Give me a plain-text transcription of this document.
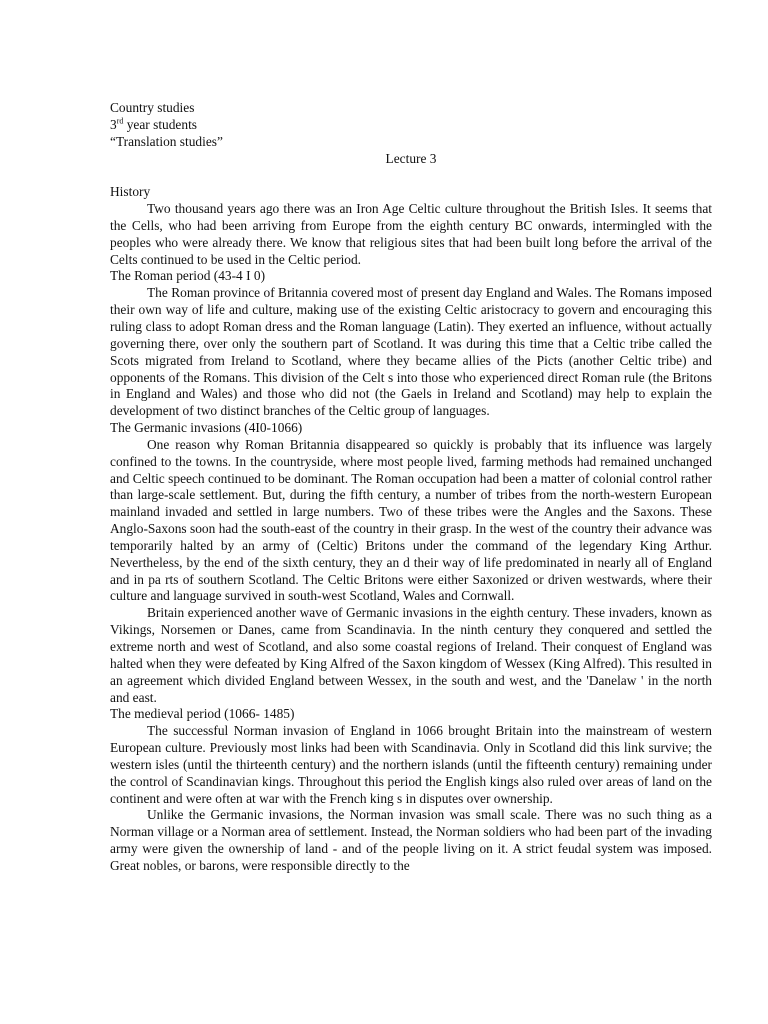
Country studies

3rd year students

“Translation studies”

Lecture 3

History

Two thousand years ago there was an Iron Age Celtic culture throughout the British Isles. It seems that the Cells, who had been arriving from Europe from the eighth century BC onwards, intermingled with the peoples who were already there. We know that religious sites that had been built long before the arrival of the Celts continued to be used in the Celtic period.

The Roman period (43-4 I 0)

The Roman province of Britannia covered most of present day England and Wales. The Romans imposed their own way of life and culture, making use of the existing Celtic aristocracy to govern and encouraging this ruling class to adopt Roman dress and the Roman language (Latin). They exerted an influence, without actually governing there, over only the southern part of Scotland. It was during this time that a Celtic tribe called the Scots migrated from Ireland to Scotland, where they became allies of the Picts (another Celtic tribe) and opponents of the Romans. This division of the Celt s into those who experienced direct Roman rule (the Britons in England and Wales) and those who did not (the Gaels in Ireland and Scotland) may help to explain the development of two distinct branches of the Celtic group of languages.

The Germanic invasions (4I0-1066)

One reason why Roman Britannia disappeared so quickly is probably that its influence was largely confined to the towns. In the countryside, where most people lived, farming methods had remained unchanged and Celtic speech continued to be dominant. The Roman occupation had been a matter of colonial control rather than large-scale settlement. But, during the fifth century, a number of tribes from the north-western European mainland invaded and settled in large numbers. Two of these tribes were the Angles and the Saxons. These Anglo-Saxons soon had the south-east of the country in their grasp. In the west of the country their advance was temporarily halted by an army of (Celtic) Britons under the command of the legendary King Arthur. Nevertheless, by the end of the sixth century, they an d their way of life predominated in nearly all of England and in pa rts of southern Scotland. The Celtic Britons were either Saxonized or driven westwards, where their culture and language survived in south-west Scotland, Wales and Cornwall.

Britain experienced another wave of Germanic invasions in the eighth century. These invaders, known as Vikings, Norsemen or Danes, came from Scandinavia. In the ninth century they conquered and settled the extreme north and west of Scotland, and also some coastal regions of Ireland. Their conquest of England was halted when they were defeated by King Alfred of the Saxon kingdom of Wessex (King Alfred). This resulted in an agreement which divided England between Wessex, in the south and west, and the 'Danelaw ' in the north and east.

The medieval period (1066- 1485)

The successful Norman invasion of England in 1066 brought Britain into the mainstream of western European culture. Previously most links had been with Scandinavia. Only in Scotland did this link survive; the western isles (until the thirteenth century) and the northern islands (until the fifteenth century) remaining under the control of Scandinavian kings. Throughout this period the English kings also ruled over areas of land on the continent and were often at war with the French king s in disputes over ownership.

Unlike the Germanic invasions, the Norman invasion was small scale. There was no such thing as a Norman village or a Norman area of settlement. Instead, the Norman soldiers who had been part of the invading army were given the ownership of land - and of the people living on it. A strict feudal system was imposed. Great nobles, or barons, were responsible directly to the
